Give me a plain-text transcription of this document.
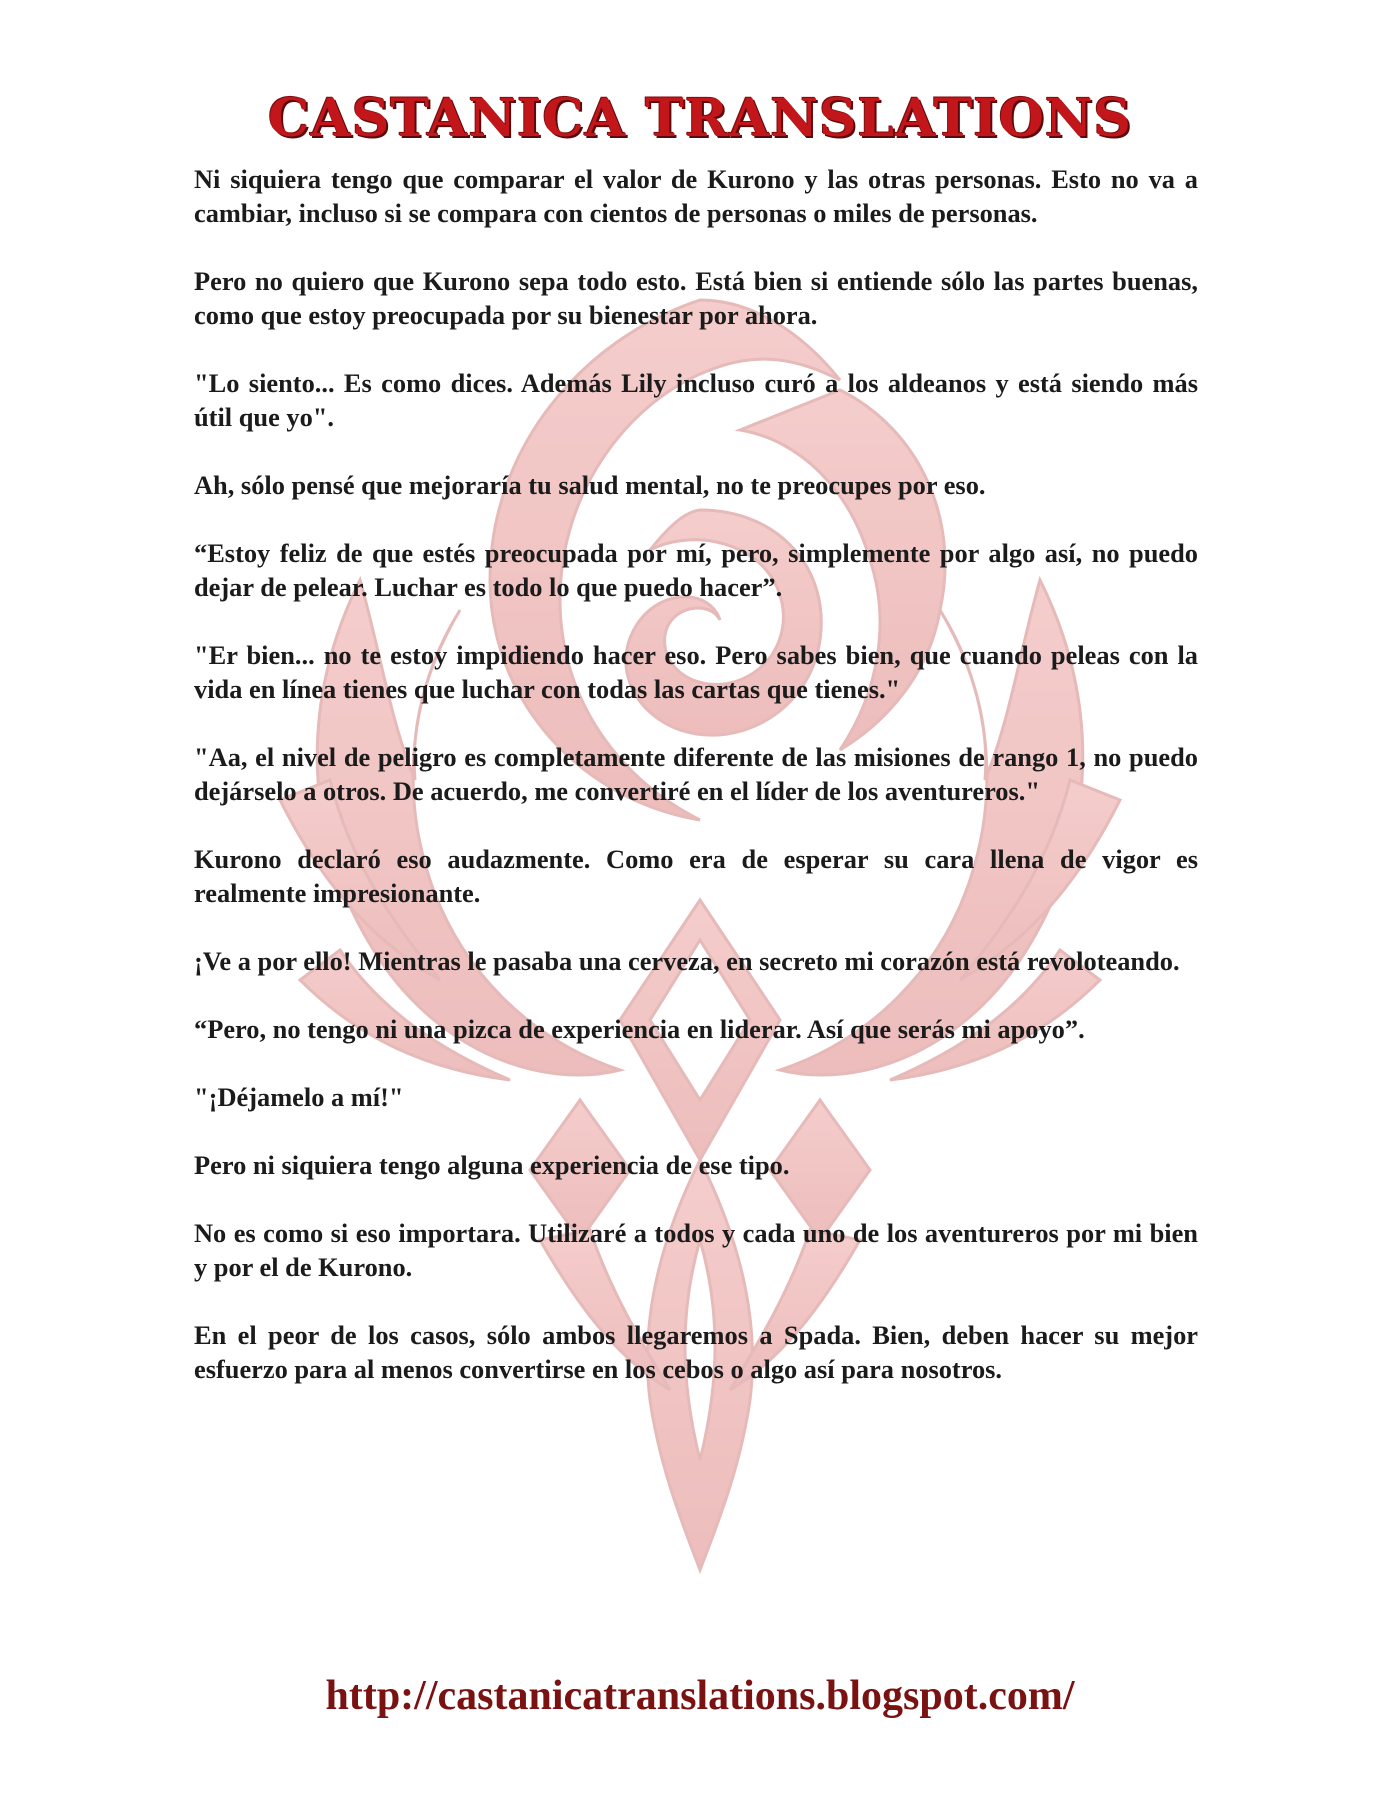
CASTANICA TRANSLATIONS

Ni siquiera tengo que comparar el valor de Kurono y las otras personas. Esto no va a cambiar, incluso si se compara con cientos de personas o miles de personas.

Pero no quiero que Kurono sepa todo esto. Está bien si entiende sólo las partes buenas, como que estoy preocupada por su bienestar por ahora.

"Lo siento... Es como dices. Además Lily incluso curó a los aldeanos y está siendo más útil que yo".

Ah, sólo pensé que mejoraría tu salud mental, no te preocupes por eso.

“Estoy feliz de que estés preocupada por mí, pero, simplemente por algo así, no puedo dejar de pelear. Luchar es todo lo que puedo hacer”.

"Er bien... no te estoy impidiendo hacer eso. Pero sabes bien, que cuando peleas con la vida en línea tienes que luchar con todas las cartas que tienes."

"Aa, el nivel de peligro es completamente diferente de las misiones de rango 1, no puedo dejárselo a otros. De acuerdo, me convertiré en el líder de los aventureros."

Kurono declaró eso audazmente. Como era de esperar su cara llena de vigor es realmente impresionante.

¡Ve a por ello! Mientras le pasaba una cerveza, en secreto mi corazón está revoloteando.

“Pero, no tengo ni una pizca de experiencia en liderar. Así que serás mi apoyo”.

"¡Déjamelo a mí!"

Pero ni siquiera tengo alguna experiencia de ese tipo.

No es como si eso importara. Utilizaré a todos y cada uno de los aventureros por mi bien y por el de Kurono.

En el peor de los casos, sólo ambos llegaremos a Spada. Bien, deben hacer su mejor esfuerzo para al menos convertirse en los cebos o algo así para nosotros.

http://castanicatranslations.blogspot.com/
